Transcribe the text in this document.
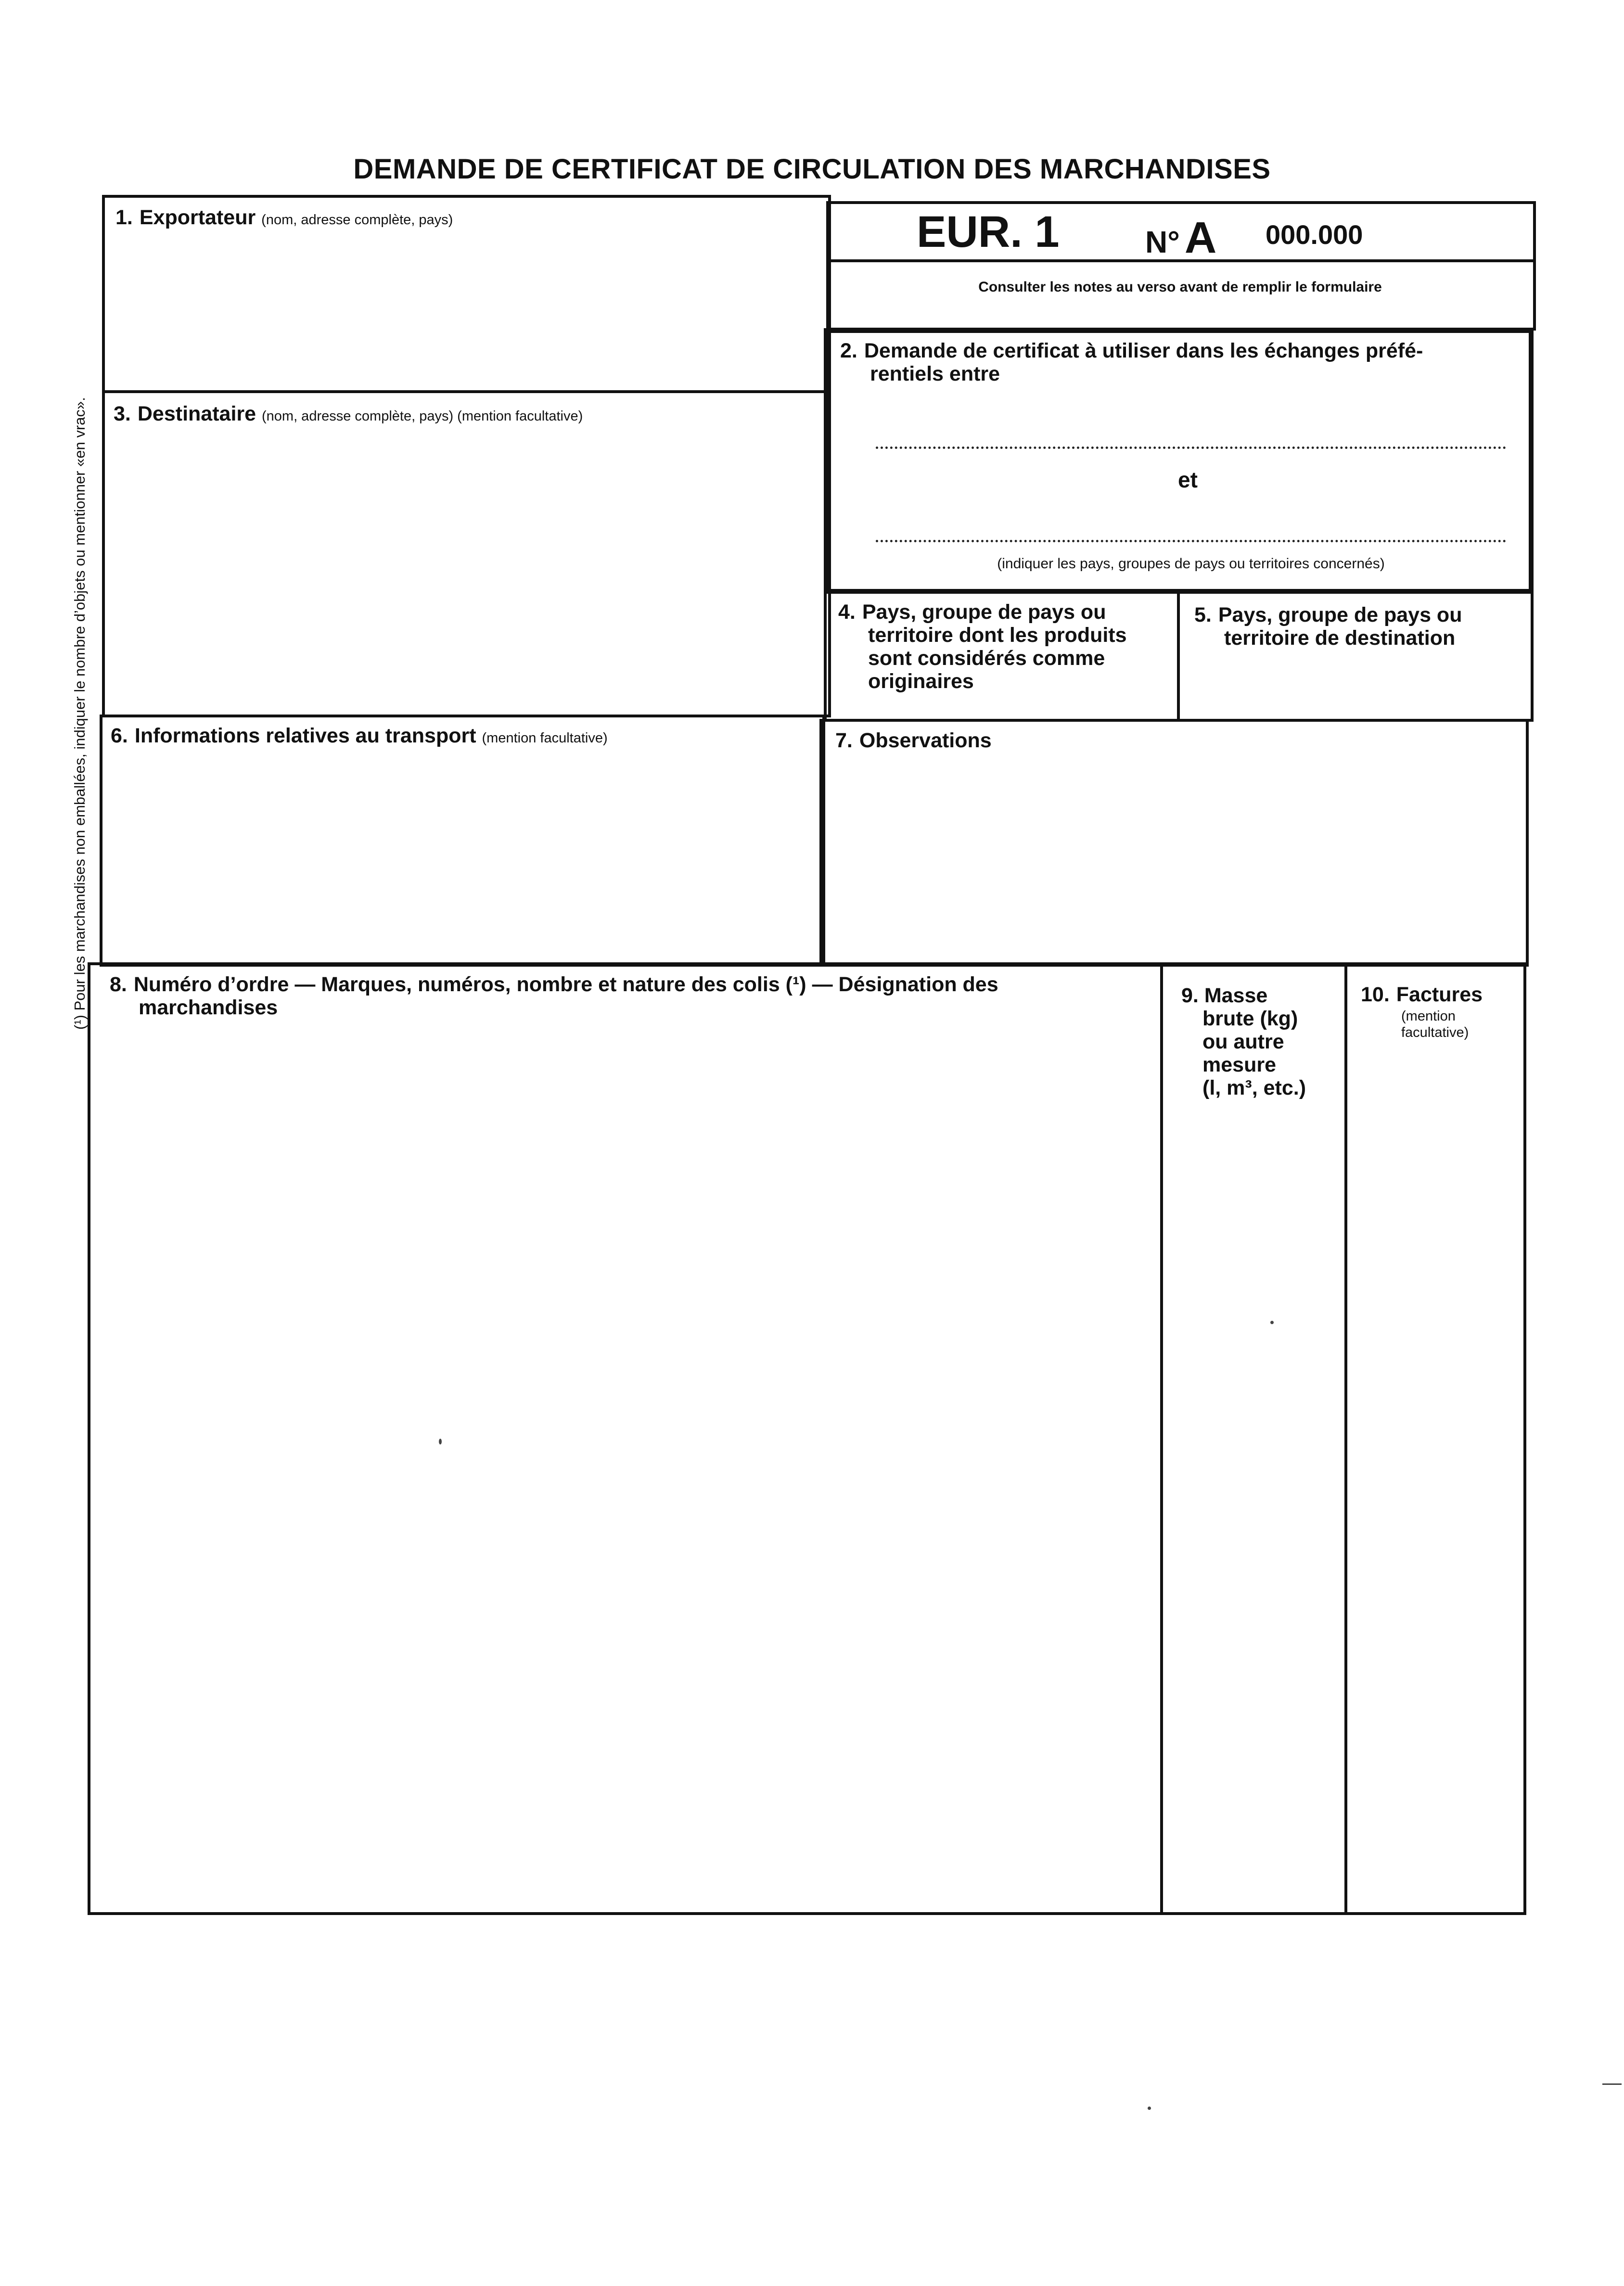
DEMANDE DE CERTIFICAT DE CIRCULATION DES MARCHANDISES
1. Exportateur (nom, adresse complète, pays)	EUR. 1	N° A 000.000
Consulter les notes au verso avant de remplir le formulaire
2. Demande de certificat à utiliser dans les échanges préfé-
rentiels entre
et
(indiquer les pays, groupes de pays ou territoires concernés)
3. Destinataire (nom, adresse complète, pays) (mention facultative)
4. Pays, groupe de pays ou
territoire dont les produits
sont considérés comme
originaires
5. Pays, groupe de pays ou
territoire de destination
6. Informations relatives au transport (mention facultative)	7. Observations
8. Numéro d’ordre — Marques, numéros, nombre et nature des colis (¹) — Désignation des
marchandises
9. Masse
brute (kg)
ou autre
mesure
(l, m³, etc.)
10. Factures
(mention
facultative)
(¹) Pour les marchandises non emballées, indiquer le nombre d’objets ou mentionner «en vrac».
